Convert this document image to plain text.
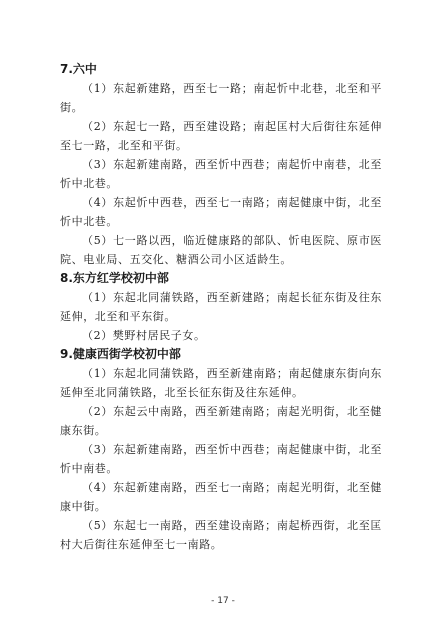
7.六中

（1）东起新建路，西至七一路；南起忻中北巷，北至和平街。

（2）东起七一路，西至建设路；南起匡村大后街往东延伸至七一路，北至和平街。

（3）东起新建南路，西至忻中西巷；南起忻中南巷，北至忻中北巷。

（4）东起忻中西巷，西至七一南路；南起健康中街，北至忻中北巷。

（5）七一路以西，临近健康路的部队、忻电医院、原市医院、电业局、五交化、糖酒公司小区适龄生。

8.东方红学校初中部

（1）东起北同蒲铁路，西至新建路；南起长征东街及往东延伸，北至和平东街。

（2）樊野村居民子女。

9.健康西街学校初中部

（1）东起北同蒲铁路，西至新建南路；南起健康东街向东延伸至北同蒲铁路，北至长征东街及往东延伸。

（2）东起云中南路，西至新建南路；南起光明街，北至健康东街。

（3）东起新建南路，西至忻中西巷；南起健康中街，北至忻中南巷。

（4）东起新建南路，西至七一南路；南起光明街，北至健康中街。

（5）东起七一南路，西至建设南路；南起桥西街，北至匡村大后街往东延伸至七一南路。

- 17 -
